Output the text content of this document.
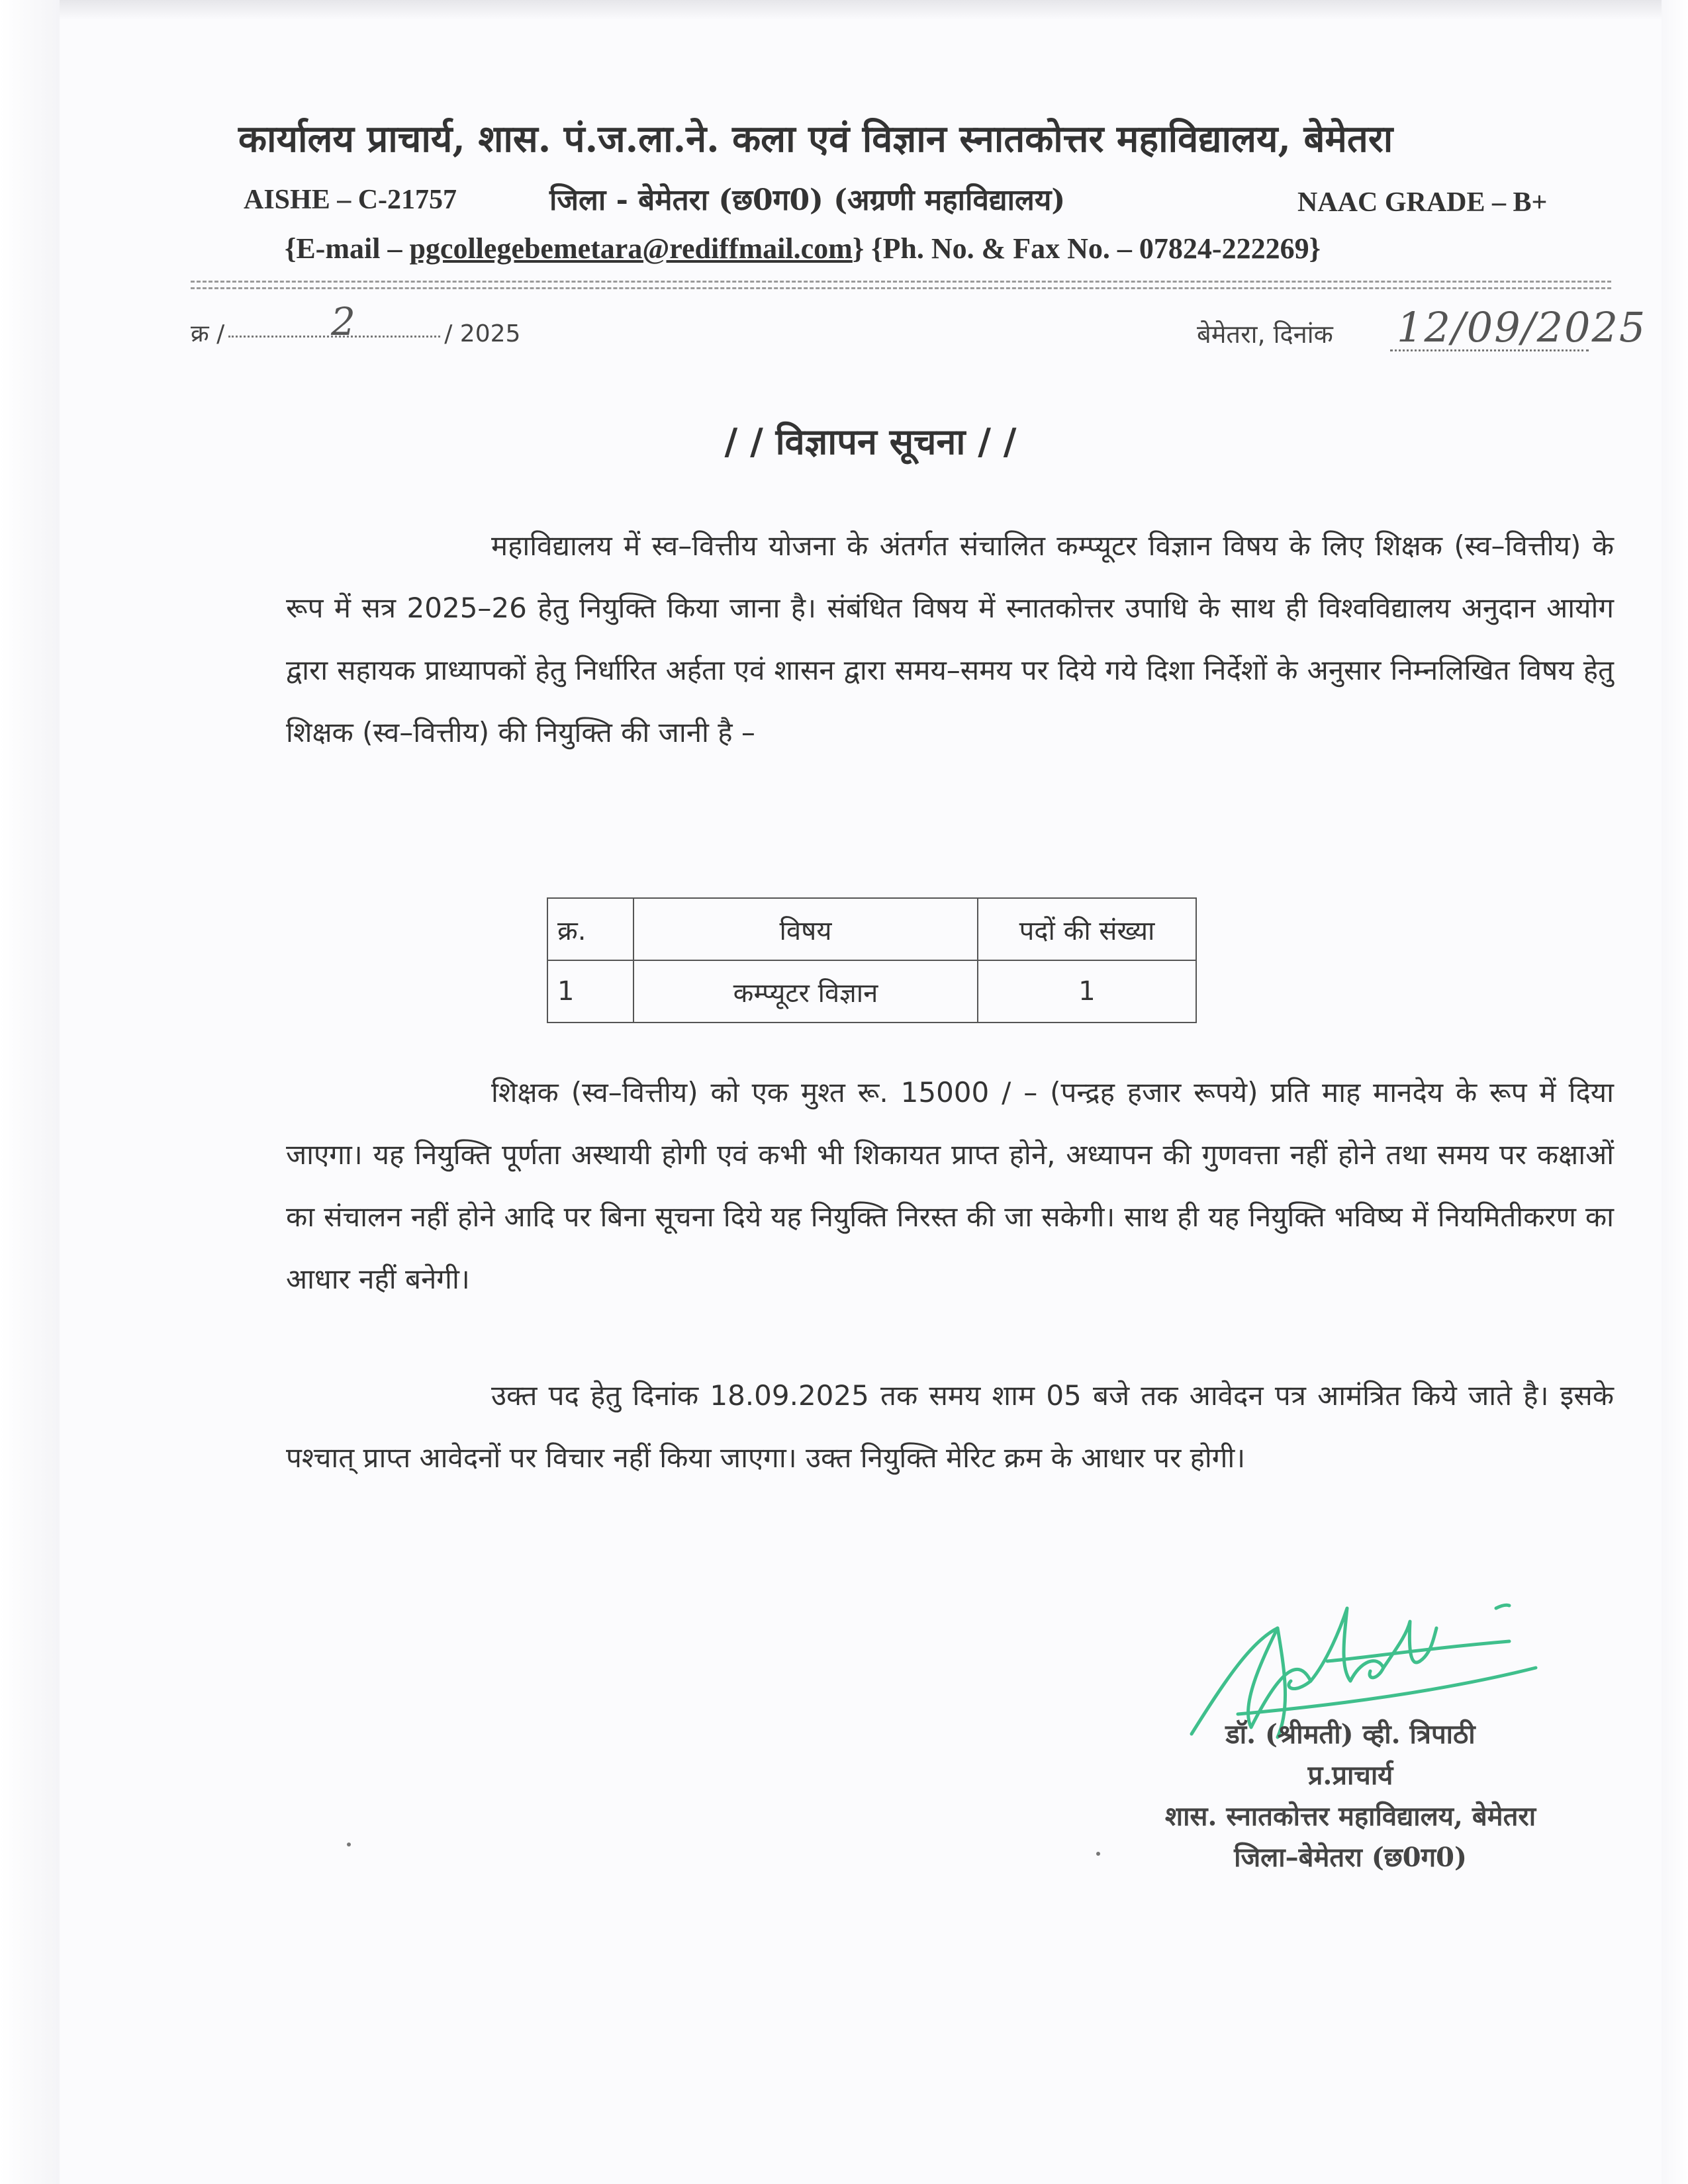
कार्यालय प्राचार्य, शास. पं.ज.ला.ने. कला एवं विज्ञान स्नातकोत्तर महाविद्यालय, बेमेतरा
AISHE – C-21757	जिला - बेमेतरा (छ0ग0) (अग्रणी महाविद्यालय)	NAAC GRADE – B+
{E-mail – pgcollegebemetara@rediffmail.com} {Ph. No. & Fax No. – 07824-222269}
क्र /	/ 2025
2	बेमेतरा, दिनांक 12/09/2025
/ / विज्ञापन सूचना / /
महाविद्यालय में स्व–वित्तीय योजना के अंतर्गत संचालित कम्प्यूटर विज्ञान विषय के लिए शिक्षक (स्व–वित्तीय) के रूप में सत्र 2025–26 हेतु नियुक्ति किया जाना है। संबंधित विषय में स्नातकोत्तर उपाधि के साथ ही विश्वविद्यालय अनुदान आयोग द्वारा सहायक प्राध्यापकों हेतु निर्धारित अर्हता एवं शासन द्वारा समय–समय पर दिये गये दिशा निर्देशों के अनुसार निम्नलिखित विषय हेतु शिक्षक (स्व–वित्तीय) की नियुक्ति की जानी है –
क्र.	विषय	पदों की संख्या
1	कम्प्यूटर विज्ञान	1
शिक्षक (स्व–वित्तीय) को एक मुश्त रू. 15000 / – (पन्द्रह हजार रूपये) प्रति माह मानदेय के रूप में दिया जाएगा। यह नियुक्ति पूर्णता अस्थायी होगी एवं कभी भी शिकायत प्राप्त होने, अध्यापन की गुणवत्ता नहीं होने तथा समय पर कक्षाओं का संचालन नहीं होने आदि पर बिना सूचना दिये यह नियुक्ति निरस्त की जा सकेगी। साथ ही यह नियुक्ति भविष्य में नियमितीकरण का आधार नहीं बनेगी।
उक्त पद हेतु दिनांक 18.09.2025 तक समय शाम 05 बजे तक आवेदन पत्र आमंत्रित किये जाते है। इसके पश्चात् प्राप्त आवेदनों पर विचार नहीं किया जाएगा। उक्त नियुक्ति मेरिट क्रम के आधार पर होगी।
डॉ. (श्रीमती) व्ही. त्रिपाठी
प्र.प्राचार्य
शास. स्नातकोत्तर महाविद्यालय, बेमेतरा
जिला–बेमेतरा (छ0ग0)
